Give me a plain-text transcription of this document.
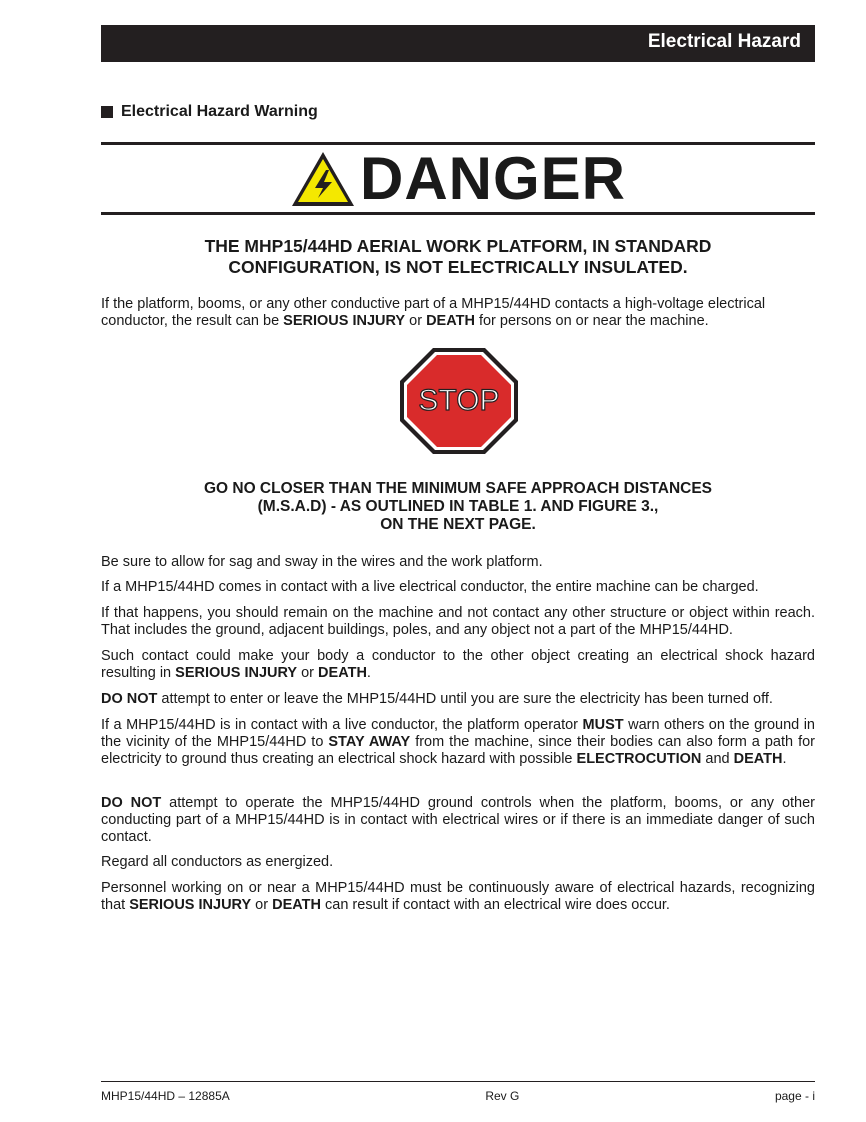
Electrical Hazard
Electrical Hazard Warning
DANGER
THE MHP15/44HD AERIAL WORK PLATFORM, IN STANDARD
CONFIGURATION, IS NOT ELECTRICALLY INSULATED.

If the platform, booms, or any other conductive part of a MHP15/44HD contacts a high-voltage electrical conductor, the result can be SERIOUS INJURY or DEATH for persons on or near the machine.

STOP
GO NO CLOSER THAN THE MINIMUM SAFE APPROACH DISTANCES
(M.S.A.D) - AS OUTLINED IN TABLE 1. AND FIGURE 3.,
ON THE NEXT PAGE.

Be sure to allow for sag and sway in the wires and the work platform.

If a MHP15/44HD comes in contact with a live electrical conductor, the entire machine can be charged.

If that happens, you should remain on the machine and not contact any other structure or object within reach. That includes the ground, adjacent buildings, poles, and any object not a part of the MHP15/44HD.

Such contact could make your body a conductor to the other object creating an electrical shock hazard resulting in SERIOUS INJURY or DEATH.

DO NOT attempt to enter or leave the MHP15/44HD until you are sure the electricity has been turned off.

If a MHP15/44HD is in contact with a live conductor, the platform operator MUST warn others on the ground in the vicinity of the MHP15/44HD to STAY AWAY from the machine, since their bodies can also form a path for electricity to ground thus creating an electrical shock hazard with possible ELECTROCUTION and DEATH.

DO NOT attempt to operate the MHP15/44HD ground controls when the platform, booms, or any other conducting part of a MHP15/44HD is in contact with electrical wires or if there is an immediate danger of such contact.

Regard all conductors as energized.

Personnel working on or near a MHP15/44HD must be continuously aware of electrical hazards, recognizing that SERIOUS INJURY or DEATH can result if contact with an electrical wire does occur.

MHP15/44HD – 12885A	Rev G	page - i
